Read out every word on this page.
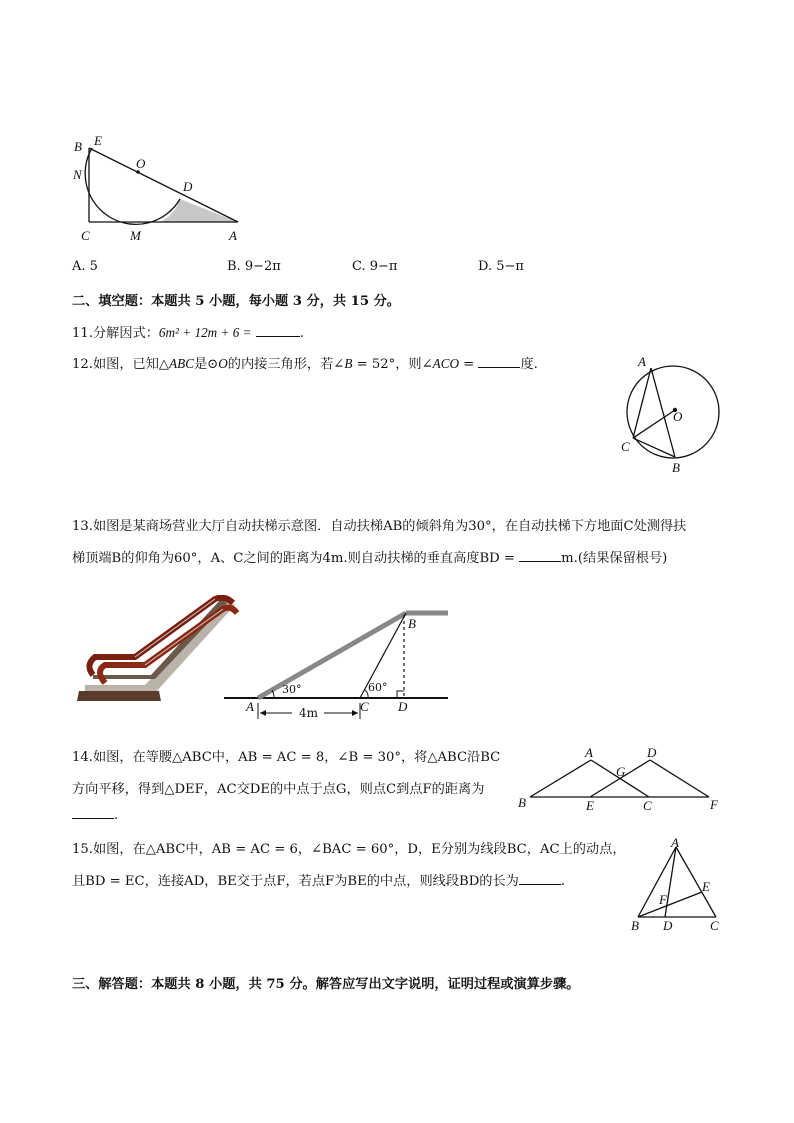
B E
O
N
D
C	M	A
A. 5	B. 9−2π	C. 9−π	D. 5−π
二、填空题：本题共 5 小题，每小题 3 分，共 15 分。
11.分解因式：6m² + 12m + 6 =	.
12.如图，已知△ABC是⊙O的内接三角形，若∠B = 52°，则∠ACO =	度.	A
O
C
B
13.如图是某商场营业大厅自动扶梯示意图．自动扶梯AB的倾斜角为30°，在自动扶梯下方地面C处测得扶
梯顶端B的仰角为60°，A、C之间的距离为4m.则自动扶梯的垂直高度BD =	m.(结果保留根号)
B
A	C D
30°	60°
4m
14.如图，在等腰△ABC中，AB = AC = 8，∠B = 30°，将△ABC沿BC
方向平移，得到△DEF，AC交DE的中点于点G，则点C到点F的距离为
.
A	D
G
B	E	C	F
15.如图，在△ABC中，AB = AC = 6，∠BAC = 60°，D，E分别为线段BC，AC上的动点，
且BD = EC，连接AD，BE交于点F，若点F为BE的中点，则线段BD的长为	.
A
E
F
B D	C
三、解答题：本题共 8 小题，共 75 分。解答应写出文字说明，证明过程或演算步骤。
